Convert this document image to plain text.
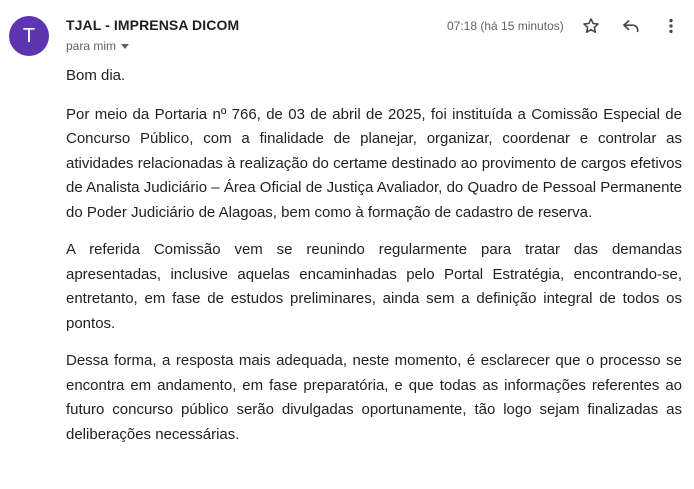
T	TJAL - IMPRENSA DICOM
para mim
07:18 (há 15 minutos)

Bom dia.

Por meio da Portaria nº 766, de 03 de abril de 2025, foi instituída a Comissão Especial de Concurso Público, com a finalidade de planejar, organizar, coordenar e controlar as atividades relacionadas à realização do certame destinado ao provimento de cargos efetivos de Analista Judiciário – Área Oficial de Justiça Avaliador, do Quadro de Pessoal Permanente do Poder Judiciário de Alagoas, bem como à formação de cadastro de reserva.

A referida Comissão vem se reunindo regularmente para tratar das demandas apresentadas, inclusive aquelas encaminhadas pelo Portal Estratégia, encontrando-se, entretanto, em fase de estudos preliminares, ainda sem a definição integral de todos os pontos.

Dessa forma, a resposta mais adequada, neste momento, é esclarecer que o processo se encontra em andamento, em fase preparatória, e que todas as informações referentes ao futuro concurso público serão divulgadas oportunamente, tão logo sejam finalizadas as deliberações necessárias.
